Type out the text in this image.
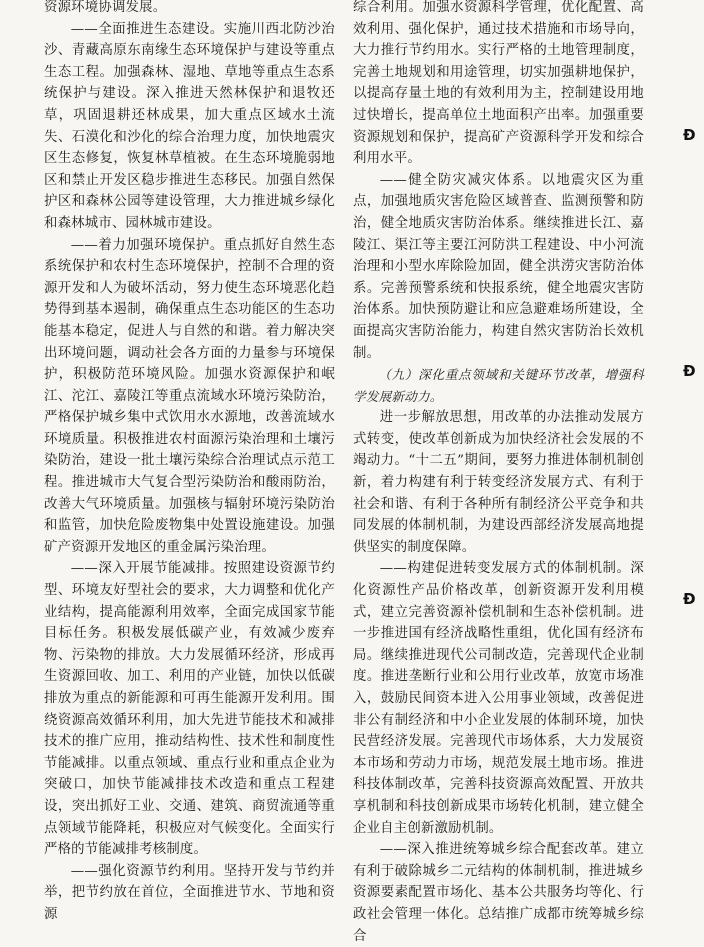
资源环境协调发展。

——全面推进生态建设。实施川西北防沙治沙、青藏高原东南缘生态环境保护与建设等重点生态工程。加强森林、湿地、草地等重点生态系统保护与建设。深入推进天然林保护和退牧还草，巩固退耕还林成果，加大重点区域水土流失、石漠化和沙化的综合治理力度，加快地震灾区生态修复，恢复林草植被。在生态环境脆弱地区和禁止开发区稳步推进生态移民。加强自然保护区和森林公园等建设管理，大力推进城乡绿化和森林城市、园林城市建设。

——着力加强环境保护。重点抓好自然生态系统保护和农村生态环境保护，控制不合理的资源开发和人为破坏活动，努力使生态环境恶化趋势得到基本遏制，确保重点生态功能区的生态功能基本稳定，促进人与自然的和谐。着力解决突出环境问题，调动社会各方面的力量参与环境保护，积极防范环境风险。加强水资源保护和岷江、沱江、嘉陵江等重点流域水环境污染防治，严格保护城乡集中式饮用水水源地，改善流域水环境质量。积极推进农村面源污染治理和土壤污染防治，建设一批土壤污染综合治理试点示范工程。推进城市大气复合型污染防治和酸雨防治，改善大气环境质量。加强核与辐射环境污染防治和监管，加快危险废物集中处置设施建设。加强矿产资源开发地区的重金属污染治理。

——深入开展节能减排。按照建设资源节约型、环境友好型社会的要求，大力调整和优化产业结构，提高能源利用效率，全面完成国家节能目标任务。积极发展低碳产业，有效减少废弃物、污染物的排放。大力发展循环经济，形成再生资源回收、加工、利用的产业链，加快以低碳排放为重点的新能源和可再生能源开发利用。围绕资源高效循环利用，加大先进节能技术和减排技术的推广应用，推动结构性、技术性和制度性节能减排。以重点领域、重点行业和重点企业为突破口，加快节能减排技术改造和重点工程建设，突出抓好工业、交通、建筑、商贸流通等重点领域节能降耗，积极应对气候变化。全面实行严格的节能减排考核制度。

——强化资源节约利用。坚持开发与节约并举，把节约放在首位，全面推进节水、节地和资源

综合利用。加强水资源科学管理，优化配置、高效利用、强化保护，通过技术措施和市场导向，大力推行节约用水。实行严格的土地管理制度，完善土地规划和用途管理，切实加强耕地保护，以提高存量土地的有效利用为主，控制建设用地过快增长，提高单位土地面积产出率。加强重要资源规划和保护，提高矿产资源科学开发和综合利用水平。

——健全防灾减灾体系。以地震灾区为重点，加强地质灾害危险区域普查、监测预警和防治，健全地质灾害防治体系。继续推进长江、嘉陵江、渠江等主要江河防洪工程建设、中小河流治理和小型水库除险加固，健全洪涝灾害防治体系。完善预警系统和快报系统，健全地震灾害防治体系。加快预防避让和应急避难场所建设，全面提高灾害防治能力，构建自然灾害防治长效机制。

（九）深化重点领域和关键环节改革，增强科学发展新动力。

进一步解放思想，用改革的办法推动发展方式转变，使改革创新成为加快经济社会发展的不竭动力。“十二五”期间，要努力推进体制机制创新，着力构建有利于转变经济发展方式、有利于社会和谐、有利于各种所有制经济公平竞争和共同发展的体制机制，为建设西部经济发展高地提供坚实的制度保障。

——构建促进转变发展方式的体制机制。深化资源性产品价格改革，创新资源开发利用模式，建立完善资源补偿机制和生态补偿机制。进一步推进国有经济战略性重组，优化国有经济布局。继续推进现代公司制改造，完善现代企业制度。推进垄断行业和公用行业改革，放宽市场准入，鼓励民间资本进入公用事业领域，改善促进非公有制经济和中小企业发展的体制环境，加快民营经济发展。完善现代市场体系，大力发展资本市场和劳动力市场，规范发展土地市场。推进科技体制改革，完善科技资源高效配置、开放共享机制和科技创新成果市场转化机制，建立健全企业自主创新激励机制。

——深入推进统筹城乡综合配套改革。建立有利于破除城乡二元结构的体制机制，推进城乡资源要素配置市场化、基本公共服务均等化、行政社会管理一体化。总结推广成都市统筹城乡综合

Ð
Ð
Ð
